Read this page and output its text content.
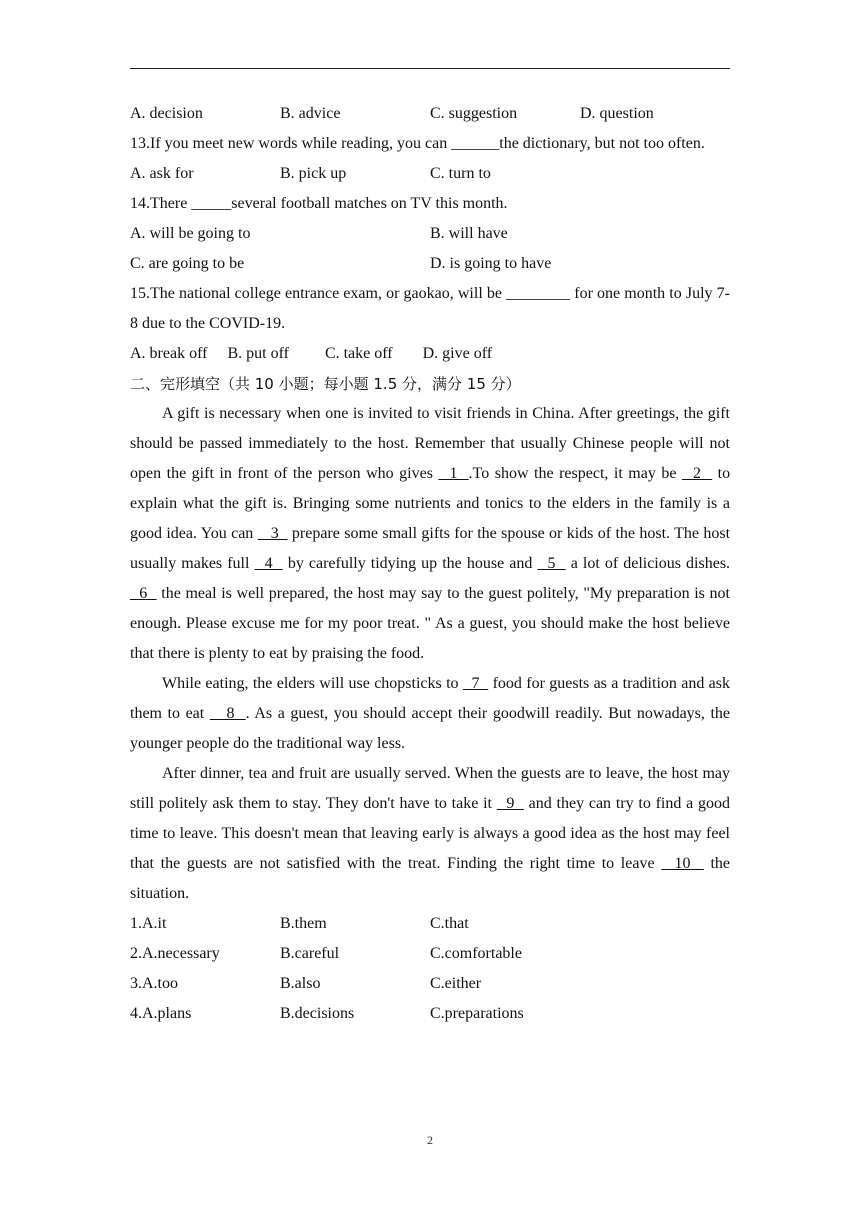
A. decision	B. advice	C. suggestion	D. question
13.If you meet new words while reading, you can ______the dictionary, but not too often.
A. ask for	B. pick up	C. turn to
14.There _____several football matches on TV this month.
A. will be going to	B. will have
C. are going to be	D. is going to have
15.The national college entrance exam, or gaokao, will be ________ for one month to July 7-8 due to the COVID-19.
A. break off B. put off C. take off D. give off
二、完形填空（共 10 小题；每小题 1.5 分，满分 15 分）
A gift is necessary when one is invited to visit friends in China. After greetings, the gift should be passed immediately to the host. Remember that usually Chinese people will not open the gift in front of the person who gives   1  .To show the respect, it may be   2   to explain what the gift is. Bringing some nutrients and tonics to the elders in the family is a good idea. You can    3   prepare some small gifts for the spouse or kids of the host. The host usually makes full   4   by carefully tidying up the house and   5   a lot of delicious dishes.   6   the meal is well prepared, the host may say to the guest politely, "My preparation is not enough. Please excuse me for my poor treat. " As a guest, you should make the host believe that there is plenty to eat by praising the food.
While eating, the elders will use chopsticks to   7   food for guests as a tradition and ask them to eat    8  . As a guest, you should accept their goodwill readily. But nowadays, the younger people do the traditional way less.
After dinner, tea and fruit are usually served. When the guests are to leave, the host may still politely ask them to stay. They don't have to take it   9   and they can try to find a good time to leave. This doesn't mean that leaving early is always a good idea as the host may feel that the guests are not satisfied with the treat. Finding the right time to leave   10   the situation.
1.A.it	B.them	C.that
2.A.necessary	B.careful	C.comfortable
3.A.too	B.also	C.either
4.A.plans	B.decisions	C.preparations
2
